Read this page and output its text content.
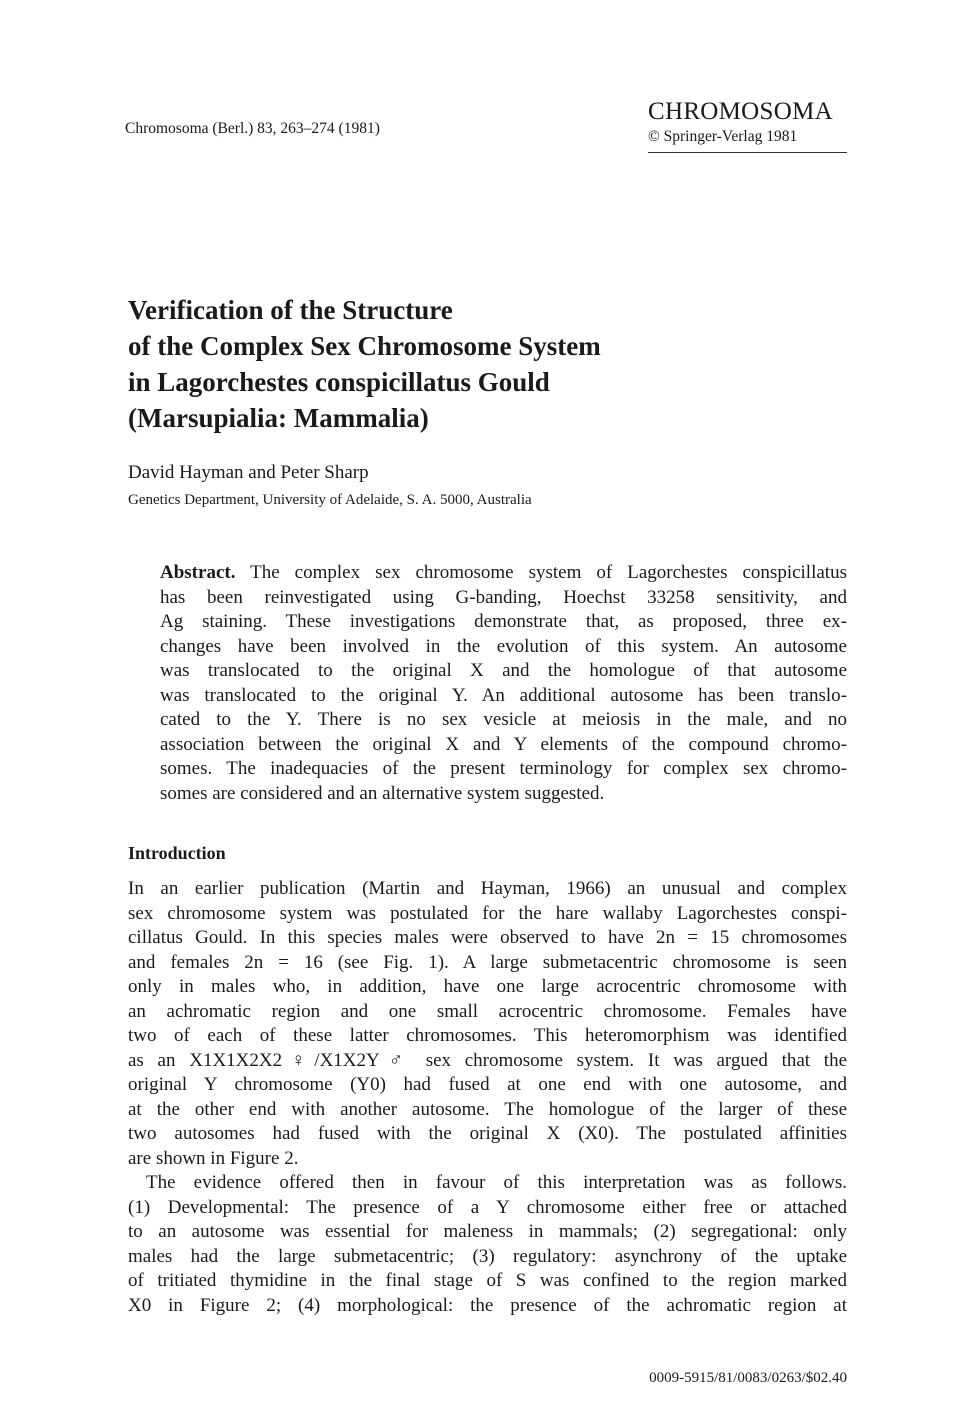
Chromosoma (Berl.) 83, 263–274 (1981)
CHROMOSOMA
© Springer-Verlag 1981
Verification of the Structure
of the Complex Sex Chromosome System
in Lagorchestes conspicillatus Gould
(Marsupialia: Mammalia)
David Hayman and Peter Sharp
Genetics Department, University of Adelaide, S. A. 5000, Australia
Abstract. The complex sex chromosome system of Lagorchestes conspicillatus
has been reinvestigated using G-banding, Hoechst 33258 sensitivity, and
Ag staining. These investigations demonstrate that, as proposed, three ex-
changes have been involved in the evolution of this system. An autosome
was translocated to the original X and the homologue of that autosome
was translocated to the original Y. An additional autosome has been translo-
cated to the Y. There is no sex vesicle at meiosis in the male, and no
association between the original X and Y elements of the compound chromo-
somes. The inadequacies of the present terminology for complex sex chromo-
somes are considered and an alternative system suggested.
Introduction
In an earlier publication (Martin and Hayman, 1966) an unusual and complex
sex chromosome system was postulated for the hare wallaby Lagorchestes conspi-
cillatus Gould. In this species males were observed to have 2n = 15 chromosomes
and females 2n = 16 (see Fig. 1). A large submetacentric chromosome is seen
only in males who, in addition, have one large acrocentric chromosome with
an achromatic region and one small acrocentric chromosome. Females have
two of each of these latter chromosomes. This heteromorphism was identified
as an X1X1X2X2♀/X1X2Y♂ sex chromosome system. It was argued that the
original Y chromosome (Y0) had fused at one end with one autosome, and
at the other end with another autosome. The homologue of the larger of these
two autosomes had fused with the original X (X0). The postulated affinities
are shown in Figure 2.
The evidence offered then in favour of this interpretation was as follows.
(1) Developmental: The presence of a Y chromosome either free or attached
to an autosome was essential for maleness in mammals; (2) segregational: only
males had the large submetacentric; (3) regulatory: asynchrony of the uptake
of tritiated thymidine in the final stage of S was confined to the region marked
X0 in Figure 2; (4) morphological: the presence of the achromatic region at
0009-5915/81/0083/0263/$02.40
